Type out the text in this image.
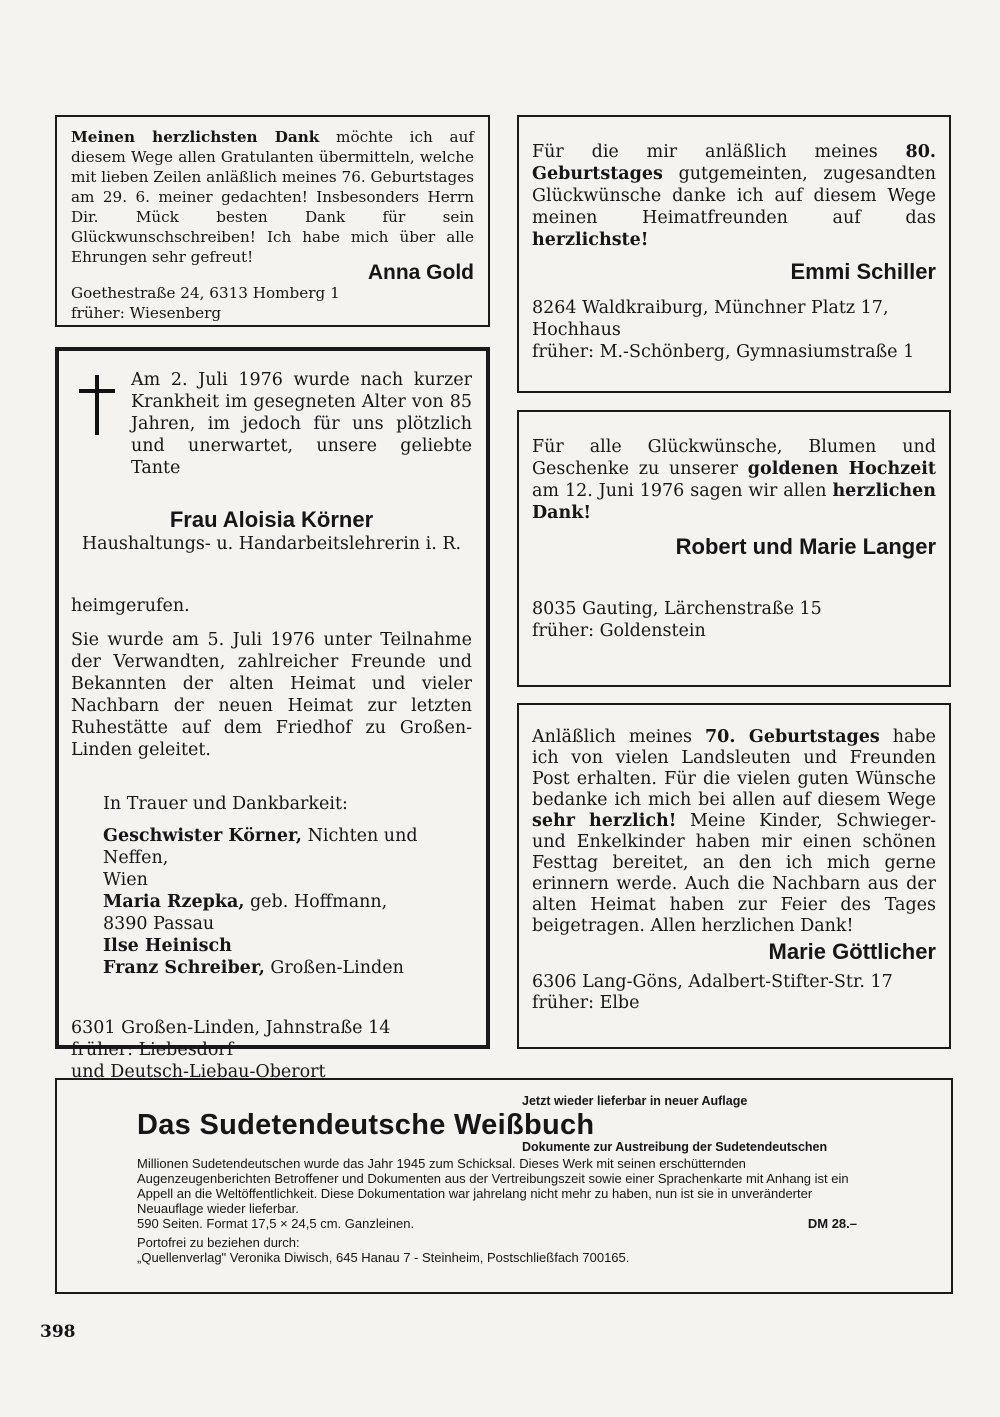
Meinen herzlichsten Dank möchte ich auf diesem Wege allen Gratulanten übermitteln, welche mit lieben Zeilen anläßlich meines 76. Geburtstages am 29. 6. meiner gedachten! Insbesonders Herrn Dir. Mück besten Dank für sein Glückwunschschreiben! Ich habe mich über alle Ehrungen sehr gefreut!

Anna Gold

Goethestraße 24, 6313 Homberg 1

früher: Wiesenberg

Für die mir anläßlich meines 80. Geburtstages gutgemeinten, zugesandten Glückwünsche danke ich auf diesem Wege meinen Heimatfreunden auf das herzlichste!

Emmi Schiller

8264 Waldkraiburg, Münchner Platz 17,

Hochhaus

früher: M.-Schönberg, Gymnasiumstraße 1

Am 2. Juli 1976 wurde nach kurzer Krankheit im gesegneten Alter von 85 Jahren, im jedoch für uns plötzlich und unerwartet, unsere geliebte Tante

Frau Aloisia Körner

Haushaltungs- u. Handarbeitslehrerin i. R.

heimgerufen.

Sie wurde am 5. Juli 1976 unter Teilnahme der Verwandten, zahlreicher Freunde und Bekannten der alten Heimat und vieler Nachbarn der neuen Heimat zur letzten Ruhestätte auf dem Friedhof zu Großen-Linden geleitet.

In Trauer und Dankbarkeit:

Geschwister Körner, Nichten und Neffen,

Wien

Maria Rzepka, geb. Hoffmann,

8390 Passau

Ilse Heinisch

Franz Schreiber, Großen-Linden

6301 Großen-Linden, Jahnstraße 14

früher: Liebesdorf

und Deutsch-Liebau-Oberort

Für alle Glückwünsche, Blumen und Geschenke zu unserer goldenen Hochzeit am 12. Juni 1976 sagen wir allen herzlichen Dank!

Robert und Marie Langer

8035 Gauting, Lärchenstraße 15

früher: Goldenstein

Anläßlich meines 70. Geburtstages habe ich von vielen Landsleuten und Freunden Post erhalten. Für die vielen guten Wünsche bedanke ich mich bei allen auf diesem Wege sehr herzlich! Meine Kinder, Schwieger- und Enkelkinder haben mir einen schönen Festtag bereitet, an den ich mich gerne erinnern werde. Auch die Nachbarn aus der alten Heimat haben zur Feier des Tages beigetragen. Allen herzlichen Dank!

Marie Göttlicher

6306 Lang-Göns, Adalbert-Stifter-Str. 17

früher: Elbe

Jetzt wieder lieferbar in neuer Auflage

Das Sudetendeutsche Weißbuch

Dokumente zur Austreibung der Sudetendeutschen

Millionen Sudetendeutschen wurde das Jahr 1945 zum Schicksal. Dieses Werk mit seinen erschütternden Augenzeugenberichten Betroffener und Dokumenten aus der Vertreibungszeit sowie einer Sprachenkarte mit Anhang ist ein Appell an die Weltöffentlichkeit. Diese Dokumentation war jahrelang nicht mehr zu haben, nun ist sie in unveränderter Neuauflage wieder lieferbar.

590 Seiten. Format 17,5 × 24,5 cm. Ganzleinen.	DM 28.–

Portofrei zu beziehen durch:

„Quellenverlag" Veronika Diwisch, 645 Hanau 7 - Steinheim, Postschließfach 700165.

398
